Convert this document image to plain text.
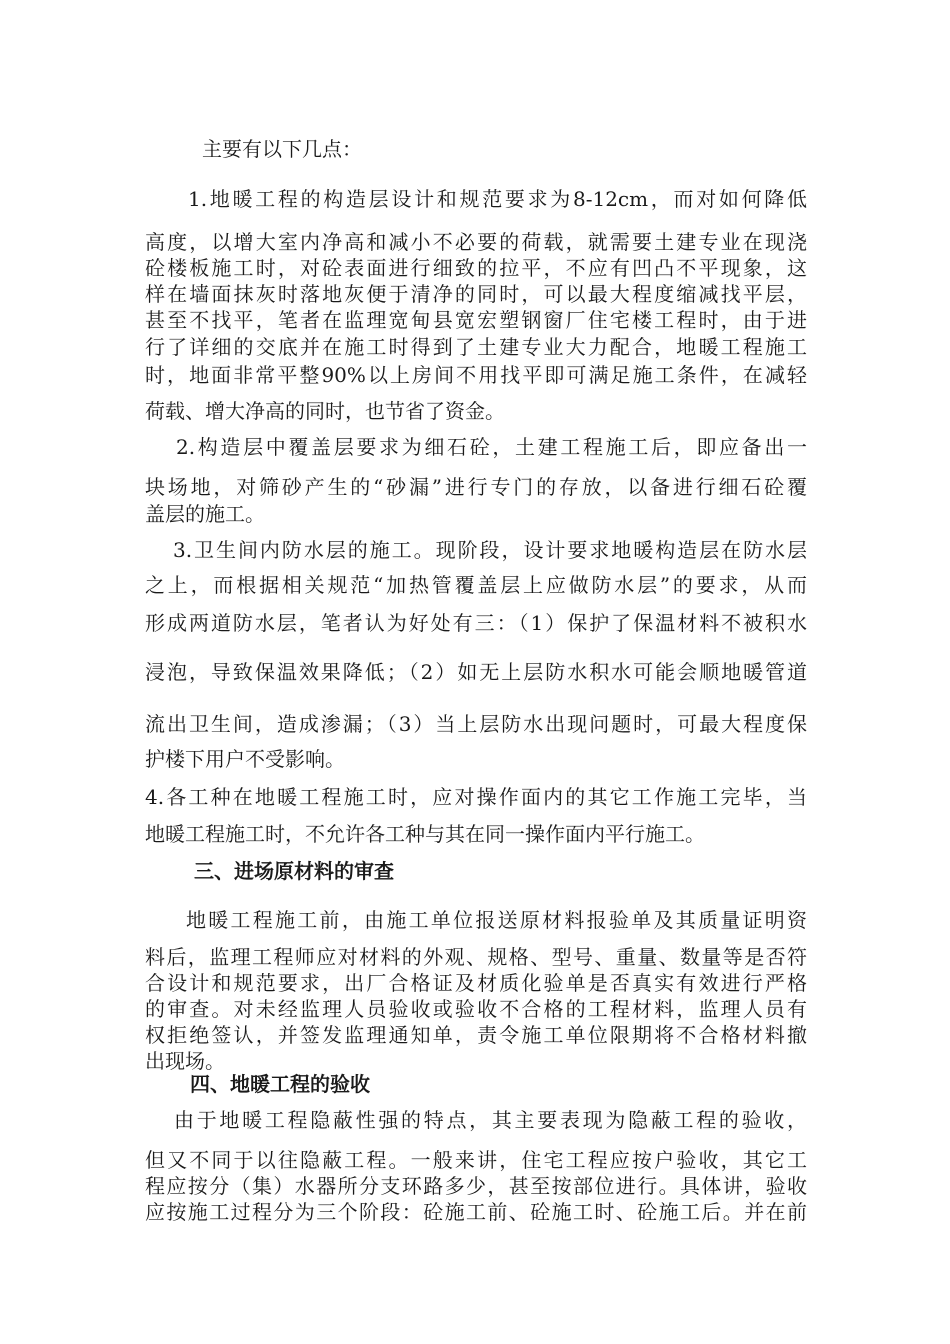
主要有以下几点：

1.地暖工程的构造层设计和规范要求为8-12cm，而对如何降低

高度，以增大室内净高和减小不必要的荷载，就需要土建专业在现浇

砼楼板施工时，对砼表面进行细致的拉平，不应有凹凸不平现象，这

样在墙面抹灰时落地灰便于清净的同时，可以最大程度缩减找平层，

甚至不找平，笔者在监理宽甸县宽宏塑钢窗厂住宅楼工程时，由于进

行了详细的交底并在施工时得到了土建专业大力配合，地暖工程施工

时，地面非常平整90%以上房间不用找平即可满足施工条件，在减轻

荷载、增大净高的同时，也节省了资金。

2.构造层中覆盖层要求为细石砼，土建工程施工后，即应备出一

块场地，对筛砂产生的“砂漏”进行专门的存放，以备进行细石砼覆

盖层的施工。

3.卫生间内防水层的施工。现阶段，设计要求地暖构造层在防水层

之上，而根据相关规范“加热管覆盖层上应做防水层”的要求，从而

形成两道防水层，笔者认为好处有三：（1）保护了保温材料不被积水

浸泡，导致保温效果降低；（2）如无上层防水积水可能会顺地暖管道

流出卫生间，造成渗漏；（3）当上层防水出现问题时，可最大程度保

护楼下用户不受影响。

4.各工种在地暖工程施工时，应对操作面内的其它工作施工完毕，当

地暖工程施工时，不允许各工种与其在同一操作面内平行施工。

三、进场原材料的审查

地暖工程施工前，由施工单位报送原材料报验单及其质量证明资

料后，监理工程师应对材料的外观、规格、型号、重量、数量等是否符

合设计和规范要求，出厂合格证及材质化验单是否真实有效进行严格

的审查。对未经监理人员验收或验收不合格的工程材料，监理人员有

权拒绝签认，并签发监理通知单，责令施工单位限期将不合格材料撤

出现场。

四、地暖工程的验收

由于地暖工程隐蔽性强的特点，其主要表现为隐蔽工程的验收，

但又不同于以往隐蔽工程。一般来讲，住宅工程应按户验收，其它工

程应按分（集）水器所分支环路多少，甚至按部位进行。具体讲，验收

应按施工过程分为三个阶段：砼施工前、砼施工时、砼施工后。并在前
